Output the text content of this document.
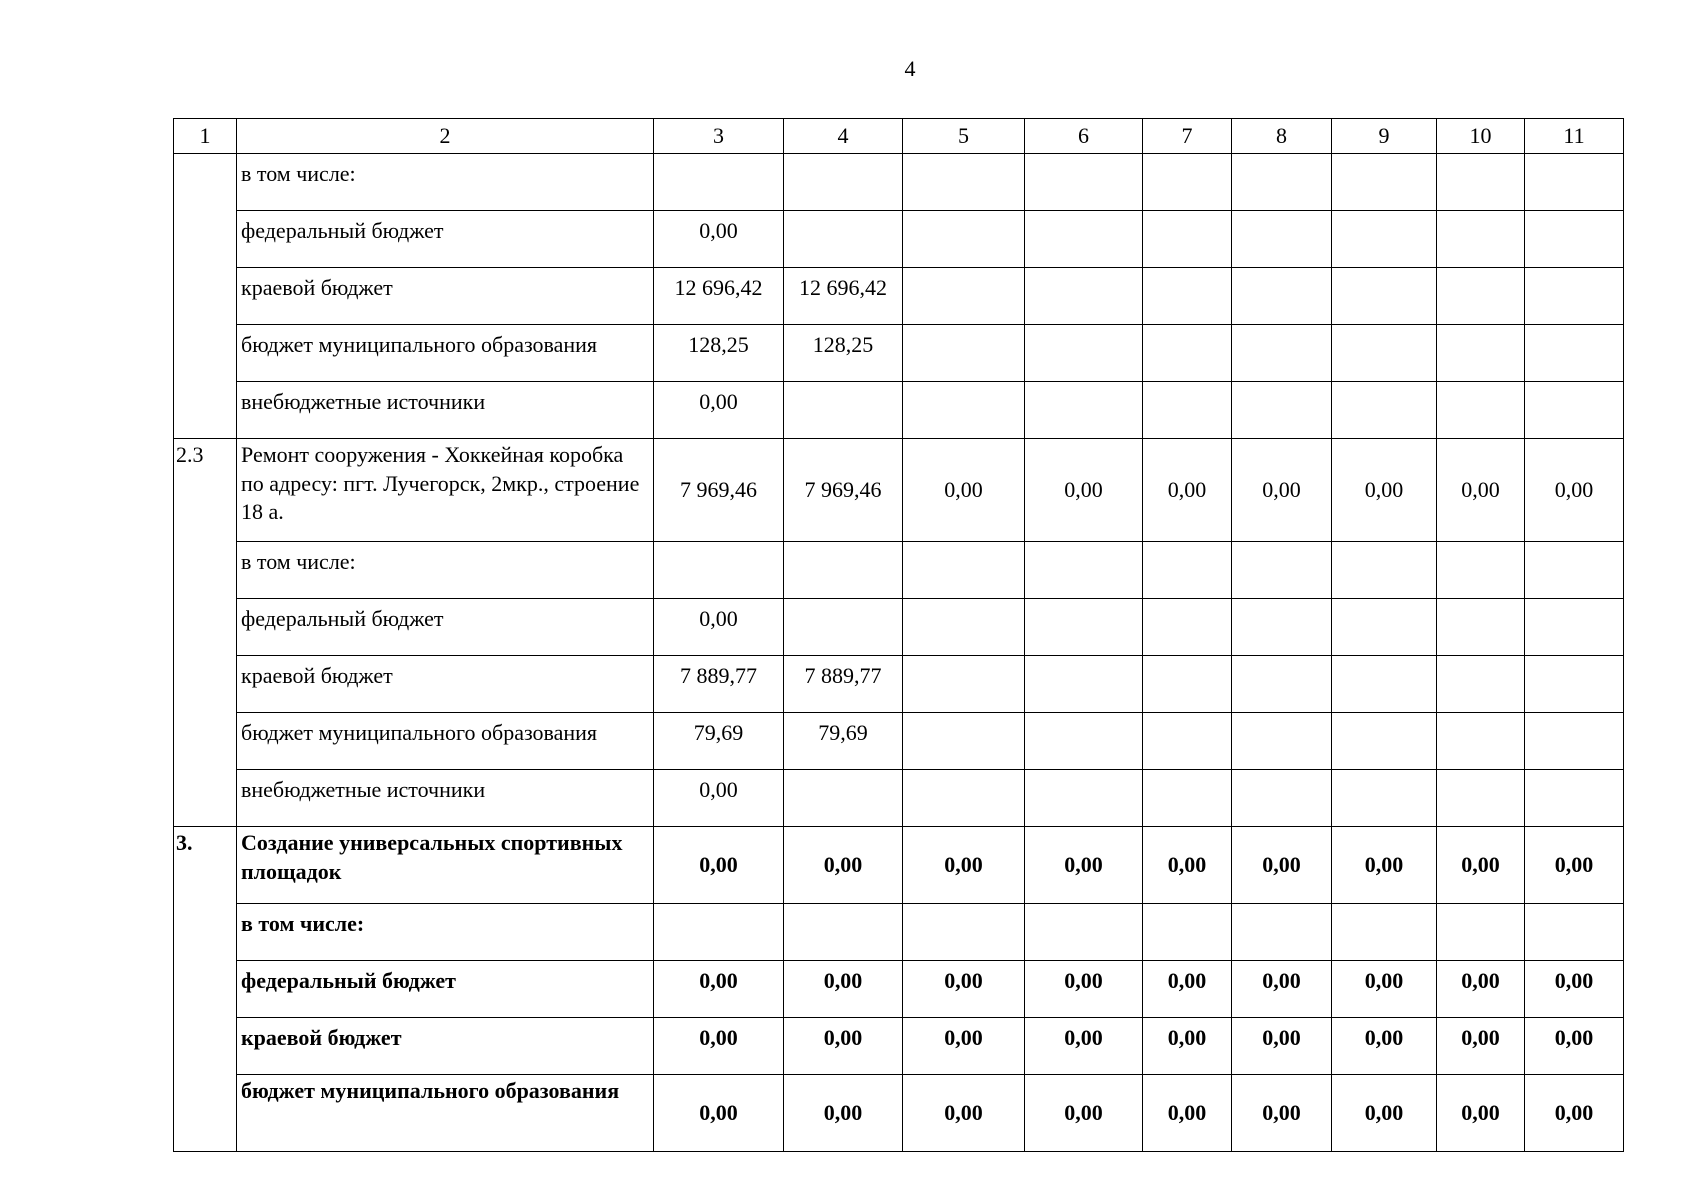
4
1	2	3	4	5	6	7	8	9	10	11
	в том числе:									
	федеральный бюджет	0,00								
	краевой бюджет	12 696,42	12 696,42							
	бюджет муниципального образования	128,25	128,25							
	внебюджетные источники	0,00								
2.3	Ремонт сооружения - Хоккейная коробка по адресу: пгт. Лучегорск, 2мкр., строение 18 а.	7 969,46	7 969,46	0,00	0,00	0,00	0,00	0,00	0,00	0,00
	в том числе:									
	федеральный бюджет	0,00								
	краевой бюджет	7 889,77	7 889,77							
	бюджет муниципального образования	79,69	79,69							
	внебюджетные источники	0,00								
3.	Создание универсальных спортивных площадок	0,00	0,00	0,00	0,00	0,00	0,00	0,00	0,00	0,00
	в том числе:									
	федеральный бюджет	0,00	0,00	0,00	0,00	0,00	0,00	0,00	0,00	0,00
	краевой бюджет	0,00	0,00	0,00	0,00	0,00	0,00	0,00	0,00	0,00
	бюджет муниципального образования	0,00	0,00	0,00	0,00	0,00	0,00	0,00	0,00	0,00
